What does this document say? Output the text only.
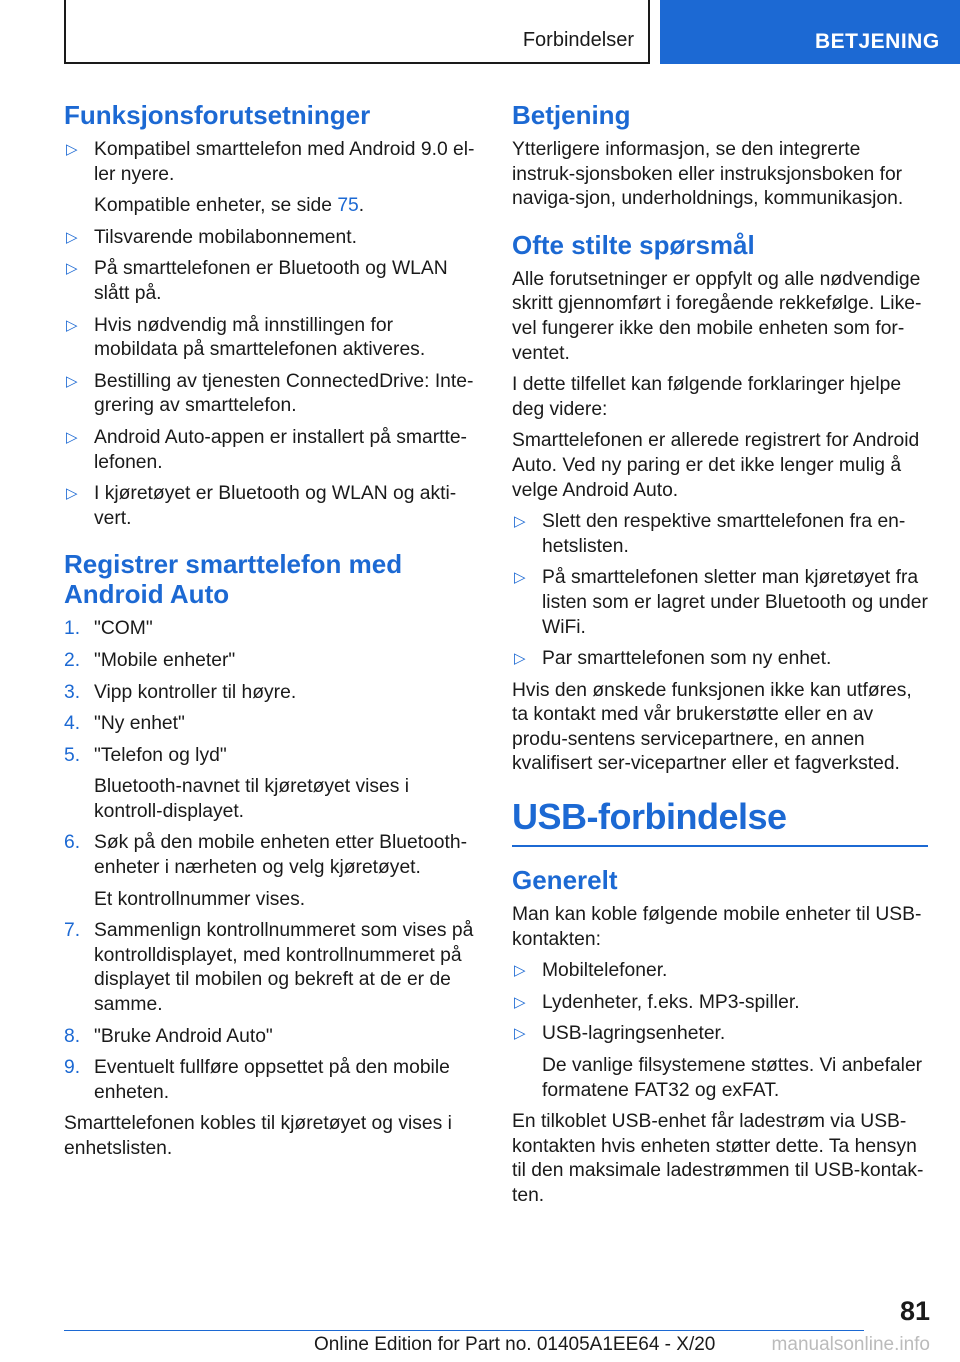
Forbindelser	BETJENING
Funksjonsforutsetninger
▷ Kompatibel smarttelefon med Android 9.0 el-ler nyere.
Kompatible enheter, se side 75.
▷ Tilsvarende mobilabonnement.
▷ På smarttelefonen er Bluetooth og WLAN slått på.
▷ Hvis nødvendig må innstillingen for mobildata på smarttelefonen aktiveres.
▷ Bestilling av tjenesten ConnectedDrive: Inte-grering av smarttelefon.
▷ Android Auto-appen er installert på smartte-lefonen.
▷ I kjøretøyet er Bluetooth og WLAN og akti-vert.
Registrer smarttelefon med Android Auto
1. "COM"
2. "Mobile enheter"
3. Vipp kontroller til høyre.
4. "Ny enhet"
5. "Telefon og lyd"
Bluetooth-navnet til kjøretøyet vises i kontroll-displayet.
6. Søk på den mobile enheten etter Bluetooth-enheter i nærheten og velg kjøretøyet.
Et kontrollnummer vises.
7. Sammenlign kontrollnummeret som vises på kontrolldisplayet, med kontrollnummeret på displayet til mobilen og bekreft at de er de samme.
8. "Bruke Android Auto"
9. Eventuelt fullføre oppsettet på den mobile enheten.

Smarttelefonen kobles til kjøretøyet og vises i enhetslisten.

Betjening

Ytterligere informasjon, se den integrerte instruk-sjonsboken eller instruksjonsboken for naviga-sjon, underholdnings, kommunikasjon.

Ofte stilte spørsmål

Alle forutsetninger er oppfylt og alle nødvendige skritt gjennomført i foregående rekkefølge. Like-vel fungerer ikke den mobile enheten som for-ventet.

I dette tilfellet kan følgende forklaringer hjelpe deg videre:

Smarttelefonen er allerede registrert for Android Auto. Ved ny paring er det ikke lenger mulig å velge Android Auto.

▷ Slett den respektive smarttelefonen fra en-hetslisten.
▷ På smarttelefonen sletter man kjøretøyet fra listen som er lagret under Bluetooth og under WiFi.
▷ Par smarttelefonen som ny enhet.

Hvis den ønskede funksjonen ikke kan utføres, ta kontakt med vår brukerstøtte eller en av produ-sentens servicepartnere, en annen kvalifisert ser-vicepartner eller et fagverksted.

USB-forbindelse
Generelt

Man kan koble følgende mobile enheter til USB-kontakten:

▷ Mobiltelefoner.
▷ Lydenheter, f.eks. MP3-spiller.
▷ USB-lagringsenheter.
De vanlige filsystemene støttes. Vi anbefaler formatene FAT32 og exFAT.

En tilkoblet USB-enhet får ladestrøm via USB-kontakten hvis enheten støtter dette. Ta hensyn til den maksimale ladestrømmen til USB-kontak-ten.

81
Online Edition for Part no. 01405A1EE64 - X/20	manualsonline.info
